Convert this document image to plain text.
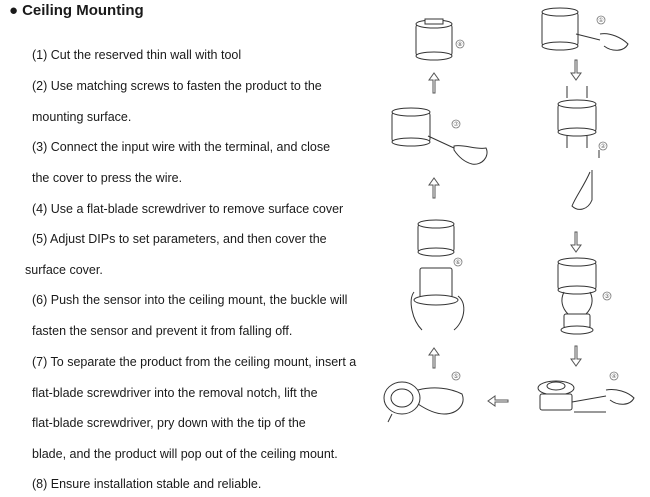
● Ceiling Mounting
(1) Cut the reserved thin wall with tool
(2) Use matching screws to fasten the product to the
mounting surface.
(3) Connect the input wire with the terminal, and close
the cover to press the wire.
(4) Use a flat-blade screwdriver to remove surface cover
(5) Adjust DIPs to set parameters, and then cover the
surface cover.
(6) Push the sensor into the ceiling mount, the buckle will
fasten the sensor and prevent it from falling off.
(7) To separate the product from the ceiling mount, insert a
flat-blade screwdriver into the removal notch, lift the
flat-blade screwdriver, pry down with the tip of the
blade, and the product will pop out of the ceiling mount.
(8) Ensure installation stable and reliable.
⑧
⑦
⑥
⑤
①
②
③
④
